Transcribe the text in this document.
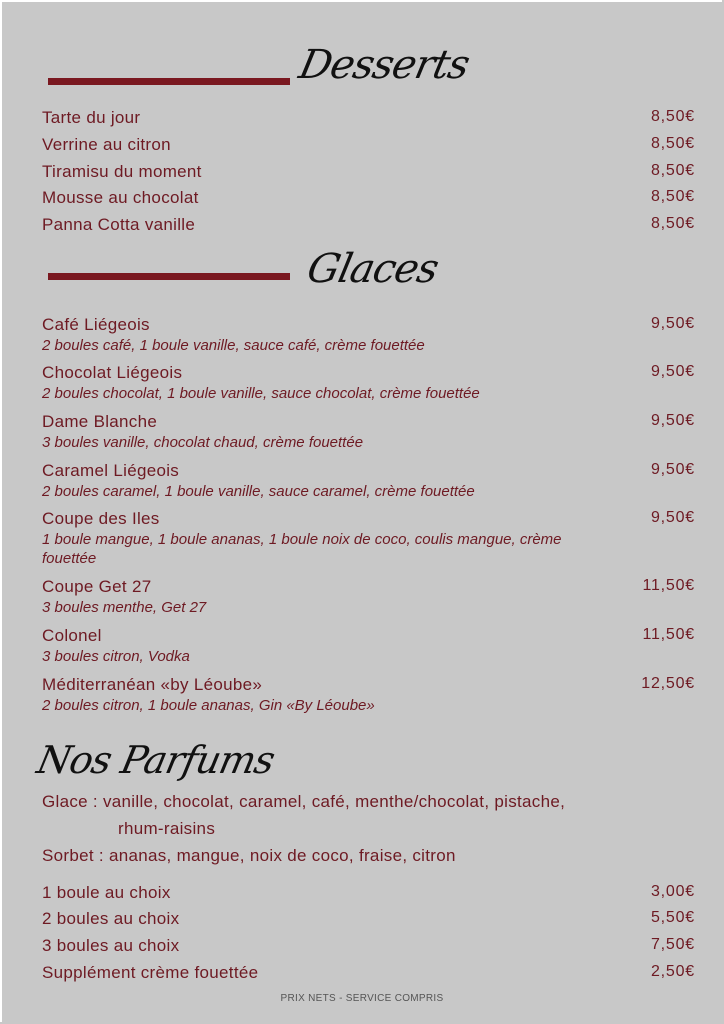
Desserts
Tarte du jour	8,50€
Verrine au citron	8,50€
Tiramisu du moment	8,50€
Mousse au chocolat	8,50€
Panna Cotta vanille	8,50€
Glaces
Café Liégeois
2 boules café, 1 boule vanille, sauce café, crème fouettée
9,50€
Chocolat Liégeois
2 boules chocolat, 1 boule vanille, sauce chocolat, crème fouettée
9,50€
Dame Blanche
3 boules vanille, chocolat chaud, crème fouettée
9,50€
Caramel Liégeois
2 boules caramel, 1 boule vanille, sauce caramel, crème fouettée
9,50€
Coupe des Iles
1 boule mangue, 1 boule ananas, 1 boule noix de coco, coulis mangue, crème fouettée
9,50€
Coupe Get 27
3 boules menthe, Get 27
11,50€
Colonel
3 boules citron, Vodka
11,50€
Méditerranéan «by Léoube»
2 boules citron, 1 boule ananas, Gin «By Léoube»
12,50€
Nos Parfums
Glace : vanille, chocolat, caramel, café, menthe/chocolat, pistache,
rhum-raisins
Sorbet : ananas, mangue, noix de coco, fraise, citron
1 boule au choix	3,00€
2 boules au choix	5,50€
3 boules au choix	7,50€
Supplément crème fouettée	2,50€
PRIX NETS - SERVICE COMPRIS
